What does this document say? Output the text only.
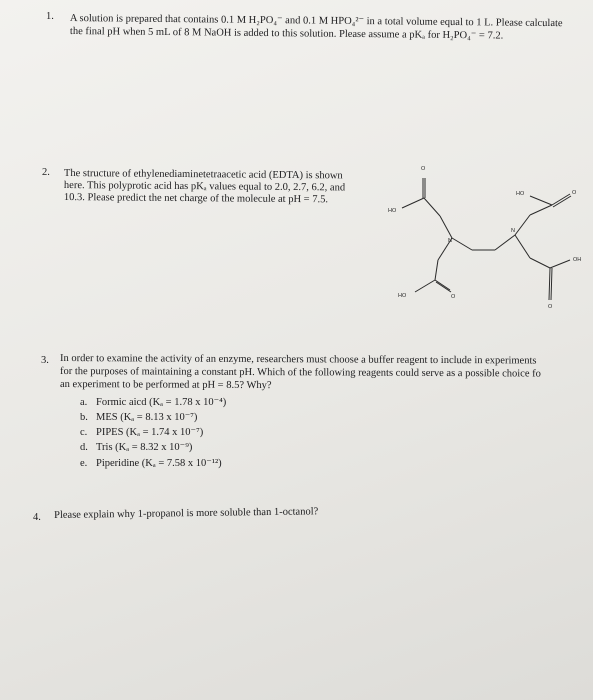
1. A solution is prepared that contains 0.1 M H₂PO₄⁻ and 0.1 M HPO₄²⁻ in a total volume equal to 1 L. Please calculate
the final pH when 5 mL of 8 M NaOH is added to this solution. Please assume a pKₐ for H₂PO₄⁻ = 7.2.
2. The structure of ethylenediaminetetraacetic acid (EDTA) is shown
here. This polyprotic acid has pKₐ values equal to 2.0, 2.7, 6.2, and
10.3. Please predict the net charge of the molecule at pH = 7.5.
O
HO
N
N
HO	O
HO	O
OH
O
3. In order to examine the activity of an enzyme, researchers must choose a buffer reagent to include in experiments
for the purposes of maintaining a constant pH. Which of the following reagents could serve as a possible choice fo
an experiment to be performed at pH = 8.5? Why?
a. Formic aicd (Kₐ = 1.78 x 10⁻⁴)
b. MES (Kₐ = 8.13 x 10⁻⁷)
c. PIPES (Kₐ = 1.74 x 10⁻⁷)
d. Tris (Kₐ = 8.32 x 10⁻⁹)
e. Piperidine (Kₐ = 7.58 x 10⁻¹²)
4. Please explain why 1-propanol is more soluble than 1-octanol?
